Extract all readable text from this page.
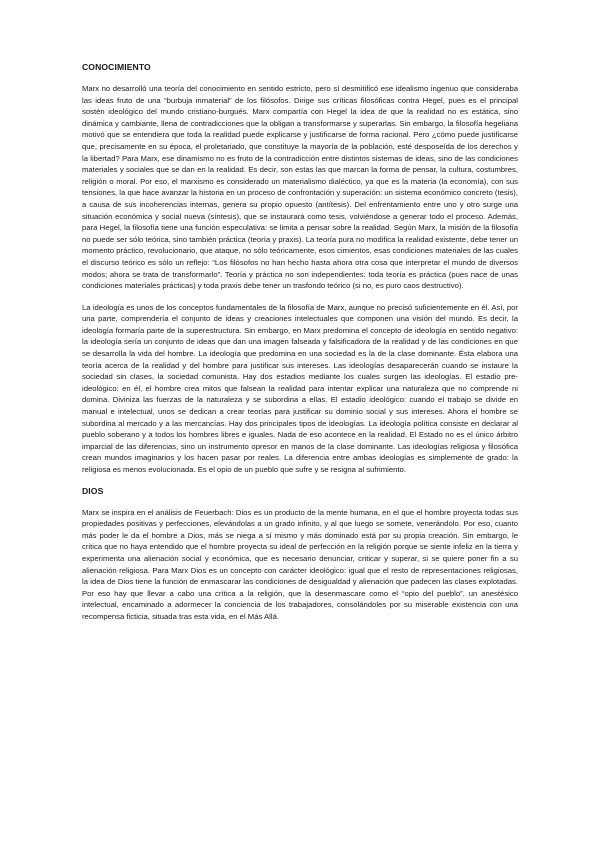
CONOCIMIENTO

Marx no desarrolló una teoría del conocimiento en sentido estricto, pero sí desmitificó ese idealismo ingenuo que consideraba las ideas fruto de una “burbuja inmaterial” de los filósofos. Dirige sus críticas filosóficas contra Hegel, pues es el principal sostén ideológico del mundo cristiano-burgués. Marx compartía con Hegel la idea de que la realidad no es estática, sino dinámica y cambiante, llena de contradicciones que la obligan a transformarse y superarlas. Sin embargo, la filosofía hegeliana motivó que se entendiera que toda la realidad puede explicarse y justificarse de forma racional. Pero ¿cómo puede justificarse que, precisamente en su época, el proletariado, que constituye la mayoría de la población, esté desposeída de los derechos y la libertad? Para Marx, ese dinamismo no es fruto de la contradicción entre distintos sistemas de ideas, sino de las condiciones materiales y sociales que se dan en la realidad. Es decir, son estas las que marcan la forma de pensar, la cultura, costumbres, religión o moral. Por eso, el marxismo es considerado un materialismo dialéctico, ya que es la materia (la economía), con sus tensiones, la que hace avanzar la historia en un proceso de confrontación y superación: un sistema económico concreto (tesis), a causa de sus incoherencias internas, genera su propio opuesto (antítesis). Del enfrentamiento entre uno y otro surge una situación económica y social nueva (síntesis), que se instaurará como tesis, volviéndose a generar todo el proceso. Además, para Hegel, la filosofía tiene una función especulativa: se limita a pensar sobre la realidad. Según Marx, la misión de la filosofía no puede ser sólo teórica, sino también práctica (teoría y praxis). La teoría pura no modifica la realidad existente, debe tener un momento práctico, revolucionario, que ataque, no sólo teóricamente, esos cimientos, esas condiciones materiales de las cuales el discurso teórico es sólo un reflejo: “Los filósofos no han hecho hasta ahora otra cosa que interpretar el mundo de diversos modos; ahora se trata de transformarlo”. Teoría y práctica no son independientes: toda teoría es práctica (pues nace de unas condiciones materiales prácticas) y toda praxis debe tener un trasfondo teórico (si no, es puro caos destructivo).

La ideología es unos de los conceptos fundamentales de la filosofía de Marx, aunque no precisó suficientemente en él. Así, por una parte, comprendería el conjunto de ideas y creaciones intelectuales que componen una visión del mundo. Es decir, la ideología formaría parte de la superestructura. Sin embargo, en Marx predomina el concepto de ideología en sentido negativo: la ideología sería un conjunto de ideas que dan una imagen falseada y falsificadora de la realidad y de las condiciones en que se desarrolla la vida del hombre. La ideología que predomina en una sociedad es la de la clase dominante. Ésta elabora una teoría acerca de la realidad y del hombre para justificar sus intereses. Las ideologías desaparecerán cuando se instaure la sociedad sin clases, la sociedad comunista. Hay dos estadios mediante los cuales surgen las ideologías. El estadio pre-ideológico: en él, el hombre crea mitos que falsean la realidad para intentar explicar una naturaleza que no comprende ni domina. Diviniza las fuerzas de la naturaleza y se subordina a ellas. El estadio ideológico: cuando el trabajo se divide en manual e intelectual, unos se dedican a crear teorías para justificar su dominio social y sus intereses. Ahora el hombre se subordina al mercado y a las mercancías. Hay dos principales tipos de ideologías. La ideología política consiste en declarar al pueblo soberano y a todos los hombres libres e iguales. Nada de eso acontece en la realidad. El Estado no es el único árbitro imparcial de las diferencias, sino un instrumento opresor en manos de la clase dominante. Las ideologías religiosa y filosófica crean mundos imaginarios y los hacen pasar por reales. La diferencia entre ambas ideologías es simplemente de grado: la religiosa es menos evolucionada. Es el opio de un pueblo que sufre y se resigna al sufrimiento.

DIOS

Marx se inspira en el análisis de Feuerbach: Dios es un producto de la mente humana, en el que el hombre proyecta todas sus propiedades positivas y perfecciones, elevándolas a un grado infinito, y al que luego se somete, venerándolo. Por eso, cuanto más poder le da el hombre a Dios, más se niega a sí mismo y más dominado está por su propia creación. Sin embargo, le critica que no haya entendido que el hombre proyecta su ideal de perfección en la religión porque se siente infeliz en la tierra y experimenta una alienación social y económica, que es necesario denunciar, criticar y superar, si se quiere poner fin a su alienación religiosa. Para Marx Dios es un concepto con carácter ideológico: igual que el resto de representaciones religiosas, la idea de Dios tiene la función de enmascarar las condiciones de desigualdad y alienación que padecen las clases explotadas. Por eso hay que llevar a cabo una crítica a la religión, que la desenmascare como el “opio del pueblo”, un anestésico intelectual, encaminado a adormecer la conciencia de los trabajadores, consolándoles por su miserable existencia con una recompensa ficticia, situada tras esta vida, en el Más Allá.
